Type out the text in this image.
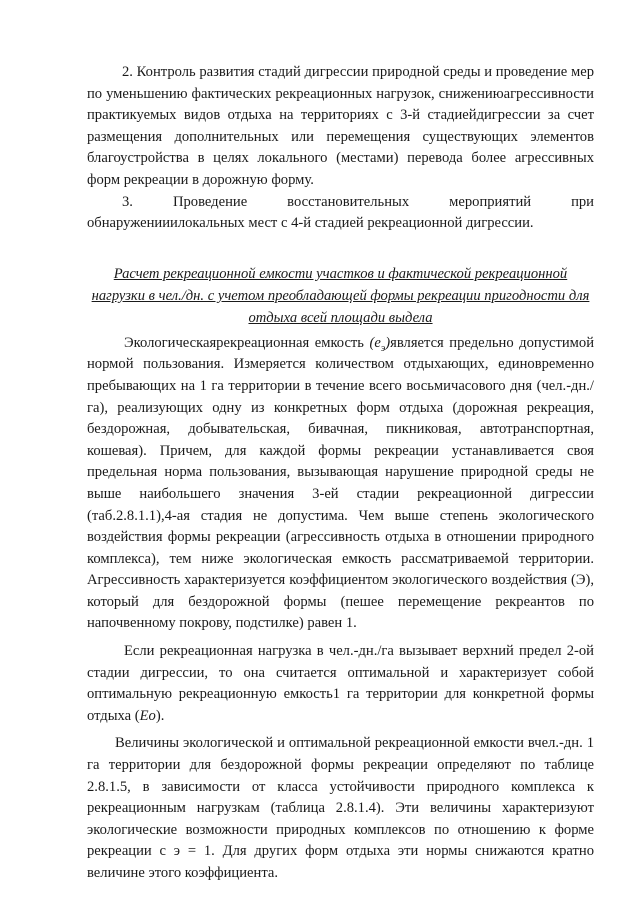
2. Контроль развития стадий дигрессии природной среды и проведение мер по уменьшению фактических рекреационных нагрузок, снижениюагрессивности практикуемых видов отдыха на территориях с 3-й стадиейдигрессии за счет размещения дополнительных или перемещения существующих элементов благоустройства в целях локального (местами) перевода более агрессивных форм рекреации в дорожную форму.

3. Проведение восстановительных мероприятий при обнаруженииилокальных мест с 4-й стадией рекреационной дигрессии.

Расчет рекреационной емкости участков и фактической рекреационной нагрузки в чел./дн. с учетом преобладающей формы рекреации пригодности для отдыха всей площади выдела

Экологическаярекреационная емкость $(е_э)является$ предельно допустимой нормой пользования. Измеряется количеством отдыхающих, единовременно пребывающих на 1 га территории в течение всего восьмичасового дня (чел.-дн./га), реализующих одну из конкретных форм отдыха (дорожная рекреация, бездорожная, добывательская, бивачная, пикниковая, автотранспортная, кошевая). Причем, для каждой формы рекреации устанавливается своя предельная норма пользования, вызывающая нарушение природной среды не выше наибольшего значения 3-ей стадии рекреационной дигрессии (таб.2.8.1.1),4-ая стадия не допустима. Чем выше степень экологического воздействия формы рекреации (агрессивность отдыха в отношении природного комплекса), тем ниже экологическая емкость рассматриваемой территории. Агрессивность характеризуется коэффициентом экологического воздействия (Э), который для бездорожной формы (пешее перемещение рекреантов по напочвенному покрову, подстилке) равен 1.

Если рекреационная нагрузка в чел.-дн./га вызывает верхний предел 2-ой стадии дигрессии, то она считается оптимальной и характеризует собой оптимальную рекреационную емкость1 га территории для конкретной формы отдыха (Ео).

Величины экологической и оптимальной рекреационной емкости вчел.-дн. 1 га территории для бездорожной формы рекреации определяют по таблице 2.8.1.5, в зависимости от класса устойчивости природного комплекса к рекреационным нагрузкам (таблица 2.8.1.4). Эти величины характеризуют экологические возможности природных комплексов по отношению к форме рекреации с э = 1. Для других форм отдыха эти нормы снижаются кратно величине этого коэффициента.
